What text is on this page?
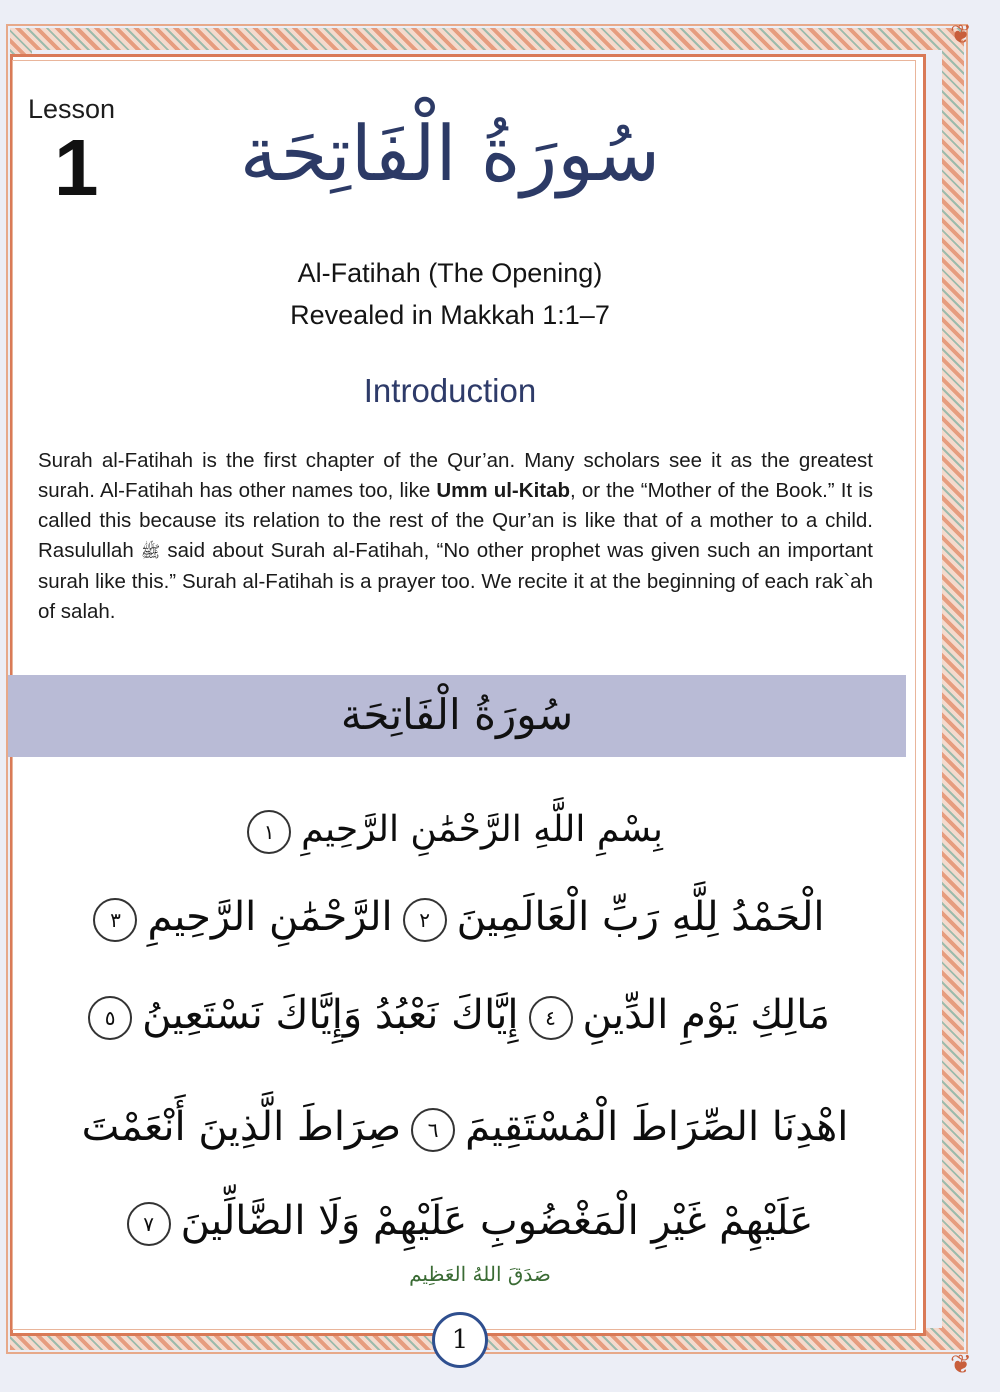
❦
❦
Lesson
1	سُورَةُ الْفَاتِحَة
Al-Fatihah (The Opening)
Revealed in Makkah 1:1–7
Introduction
Surah al-Fatihah is the first chapter of the Qur’an. Many scholars see it as the greatest surah. Al-Fatihah has other names too, like Umm ul-Kitab, or the “Mother of the Book.” It is called this because its relation to the rest of the Qur’an is like that of a mother to a child. Rasulullah ﷺ said about Surah al-Fatihah, “No other prophet was given such an important surah like this.” Surah al-Fatihah is a prayer too. We recite it at the beginning of each rak`ah of salah.
سُورَةُ الْفَاتِحَة
بِسْمِ اللَّهِ الرَّحْمَٰنِ الرَّحِيمِ١
الْحَمْدُ لِلَّهِ رَبِّ الْعَالَمِينَ٢الرَّحْمَٰنِ الرَّحِيمِ٣
مَالِكِ يَوْمِ الدِّينِ٤إِيَّاكَ نَعْبُدُ وَإِيَّاكَ نَسْتَعِينُ٥
اهْدِنَا الصِّرَاطَ الْمُسْتَقِيمَ٦صِرَاطَ الَّذِينَ أَنْعَمْتَ
عَلَيْهِمْ غَيْرِ الْمَغْضُوبِ عَلَيْهِمْ وَلَا الضَّالِّينَ٧
صَدَقَ اللهُ العَظِيم
1
